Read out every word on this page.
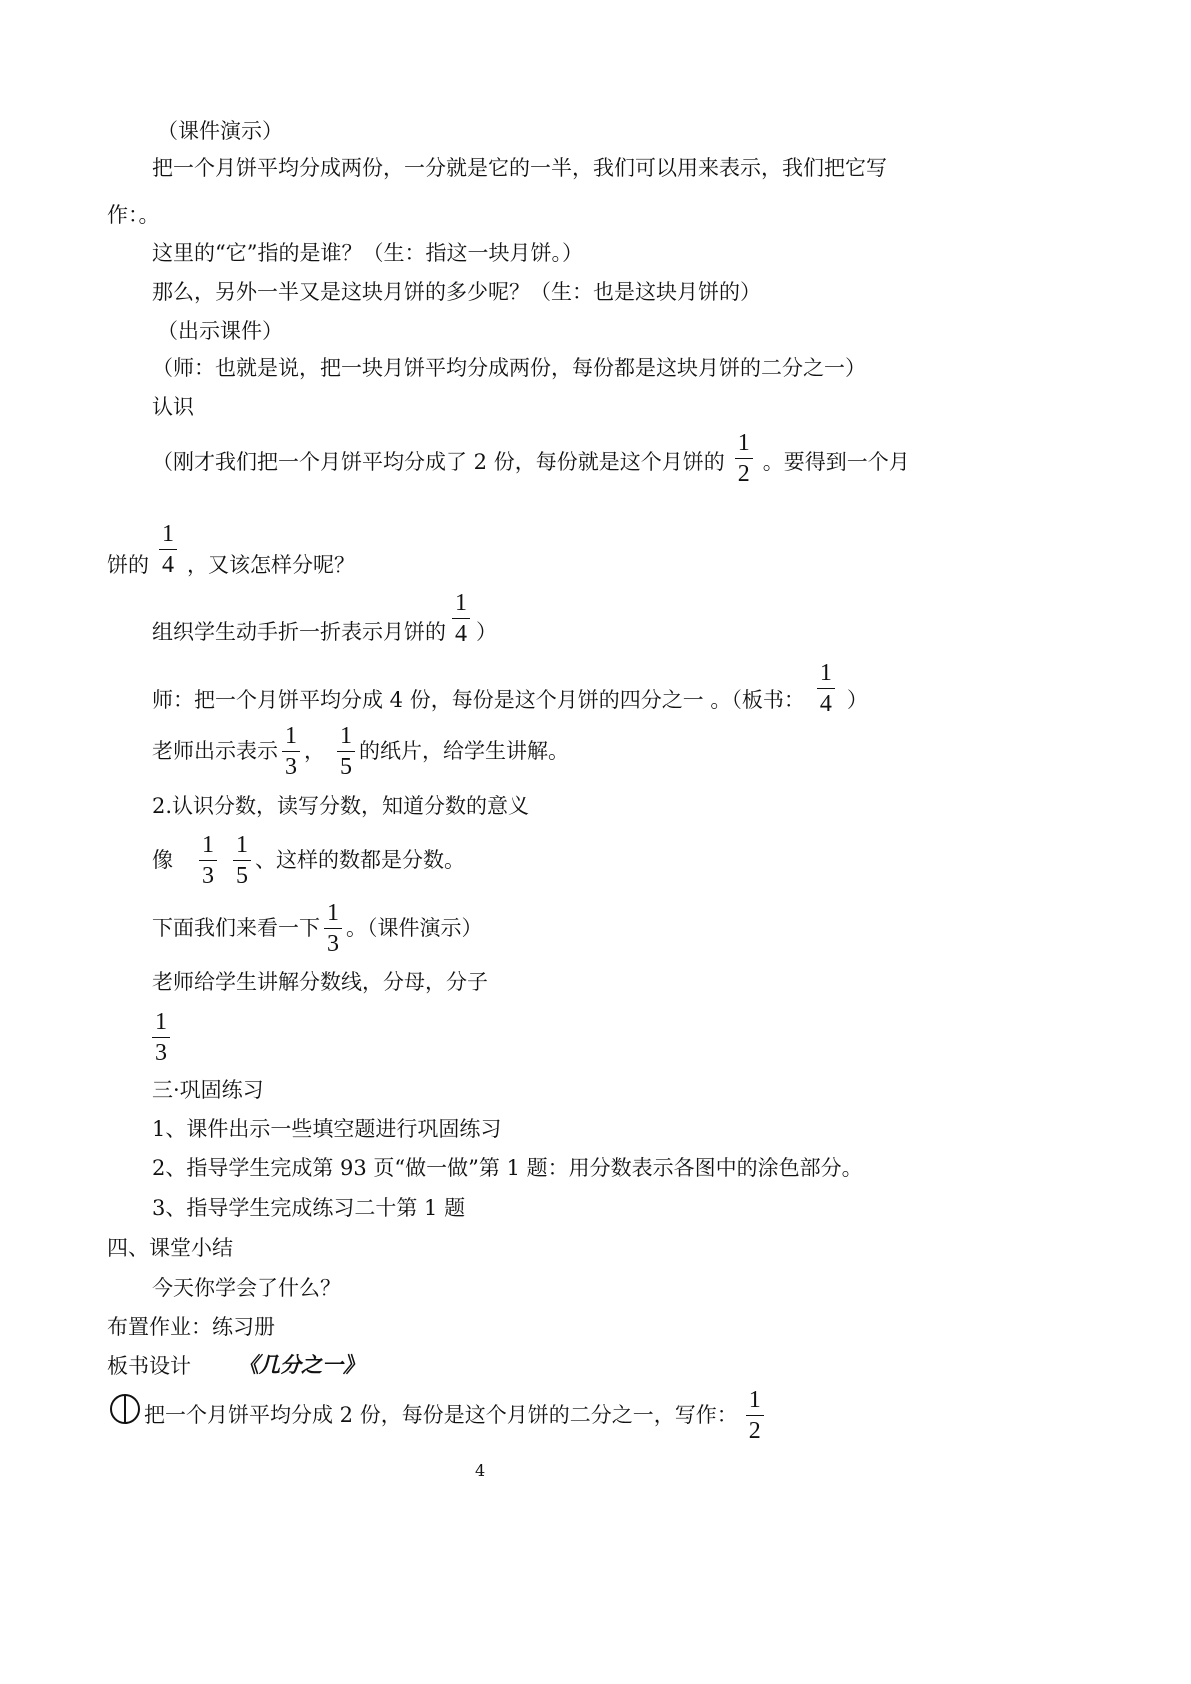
（课件演示）
把一个月饼平均分成两份，一分就是它的一半，我们可以用来表示，我们把它写
作：。
这里的“它”指的是谁？（生：指这一块月饼。）
那么，另外一半又是这块月饼的多少呢？（生：也是这块月饼的）
（出示课件）
（师：也就是说，把一块月饼平均分成两份，每份都是这块月饼的二分之一）
认识
（刚才我们把一个月饼平均分成了 2 份，每份就是这个月饼的 $\frac{1}{2}$ 。要得到一个月
饼的 $\frac{1}{4}$ ，又该怎样分呢？
组织学生动手折一折表示月饼的 $\frac{1}{4}$ ）
师：把一个月饼平均分成 4 份，每份是这个月饼的四分之一 。（板书： $\frac{1}{4}$ ）
老师出示表示 $\frac{1}{3}$ ， $\frac{1}{5}$ 的纸片，给学生讲解。
2.认识分数，读写分数，知道分数的意义
像 $\frac{1}{3} \frac{1}{5}$ 、这样的数都是分数。
下面我们来看一下 $\frac{1}{3}$ 。（课件演示）
老师给学生讲解分数线，分母，分子
$\frac{1}{3}$
三·巩固练习
1、课件出示一些填空题进行巩固练习
2、指导学生完成第 93 页“做一做”第 1 题：用分数表示各图中的涂色部分。
3、指导学生完成练习二十第 1 题
四、课堂小结
今天你学会了什么？
布置作业：练习册
板书设计 《几分之一》
把一个月饼平均分成 2 份，每份是这个月饼的二分之一，写作： $\frac{1}{2}$
4
